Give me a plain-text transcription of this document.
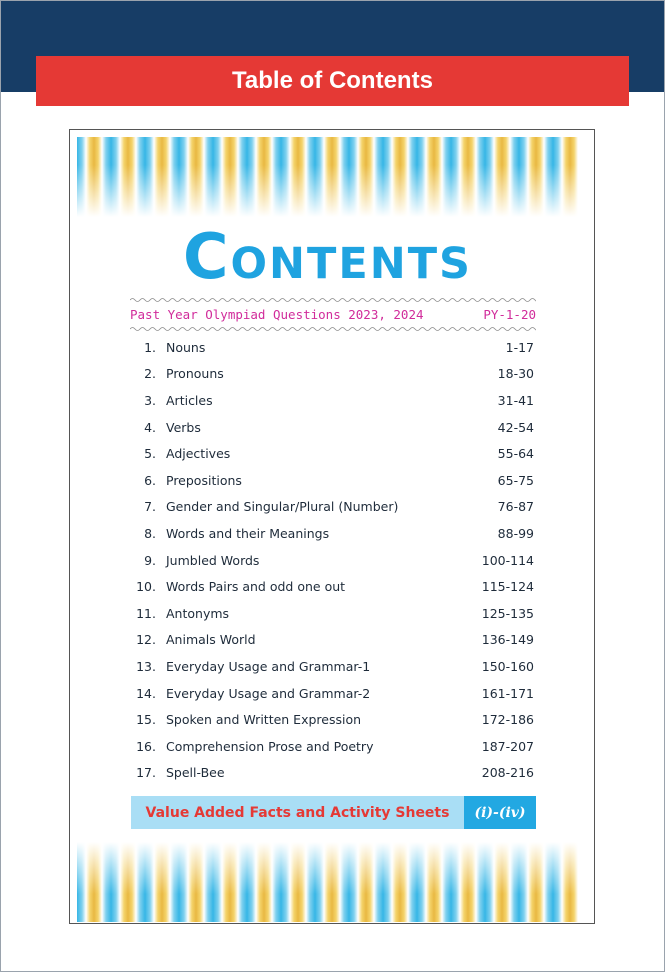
Table of Contents
Contents
Past Year Olympiad Questions 2023, 2024	PY-1-20
1. Nouns	1-17
2. Pronouns	18-30
3. Articles	31-41
4. Verbs	42-54
5. Adjectives	55-64
6. Prepositions	65-75
7. Gender and Singular/Plural (Number)	76-87
8. Words and their Meanings	88-99
9. Jumbled Words	100-114
10. Words Pairs and odd one out	115-124
11. Antonyms	125-135
12. Animals World	136-149
13. Everyday Usage and Grammar-1	150-160
14. Everyday Usage and Grammar-2	161-171
15. Spoken and Written Expression	172-186
16. Comprehension Prose and Poetry	187-207
17. Spell-Bee	208-216
Value Added Facts and Activity Sheets	(i)-(iv)
